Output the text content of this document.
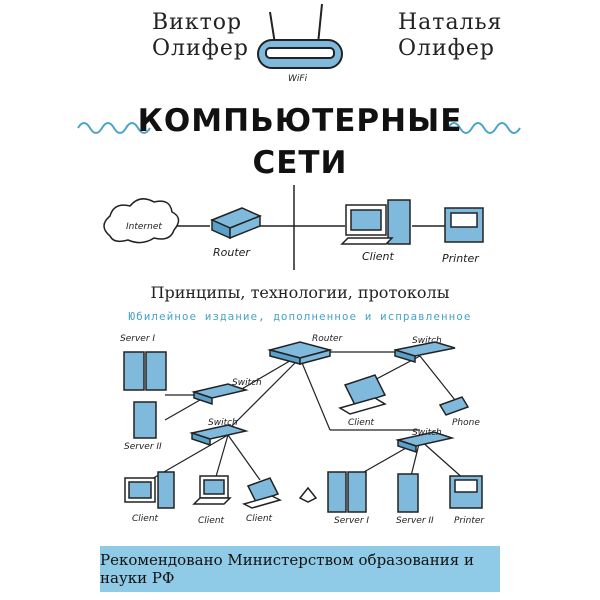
Виктор
Олифер
Наталья
Олифер
WiFi
КОМПЬЮТЕРНЫЕ
СЕТИ
Internet
Router	Client	Printer
Принципы, технологии, протоколы
Юбилейное издание, дополненное и исправленное
Server I
Server II
Router
Switch
Switch
Switch
Switch
Client	Phone
Client	Client Client	Server I	Server II Printer
Рекомендовано Министерством образования и науки РФ
